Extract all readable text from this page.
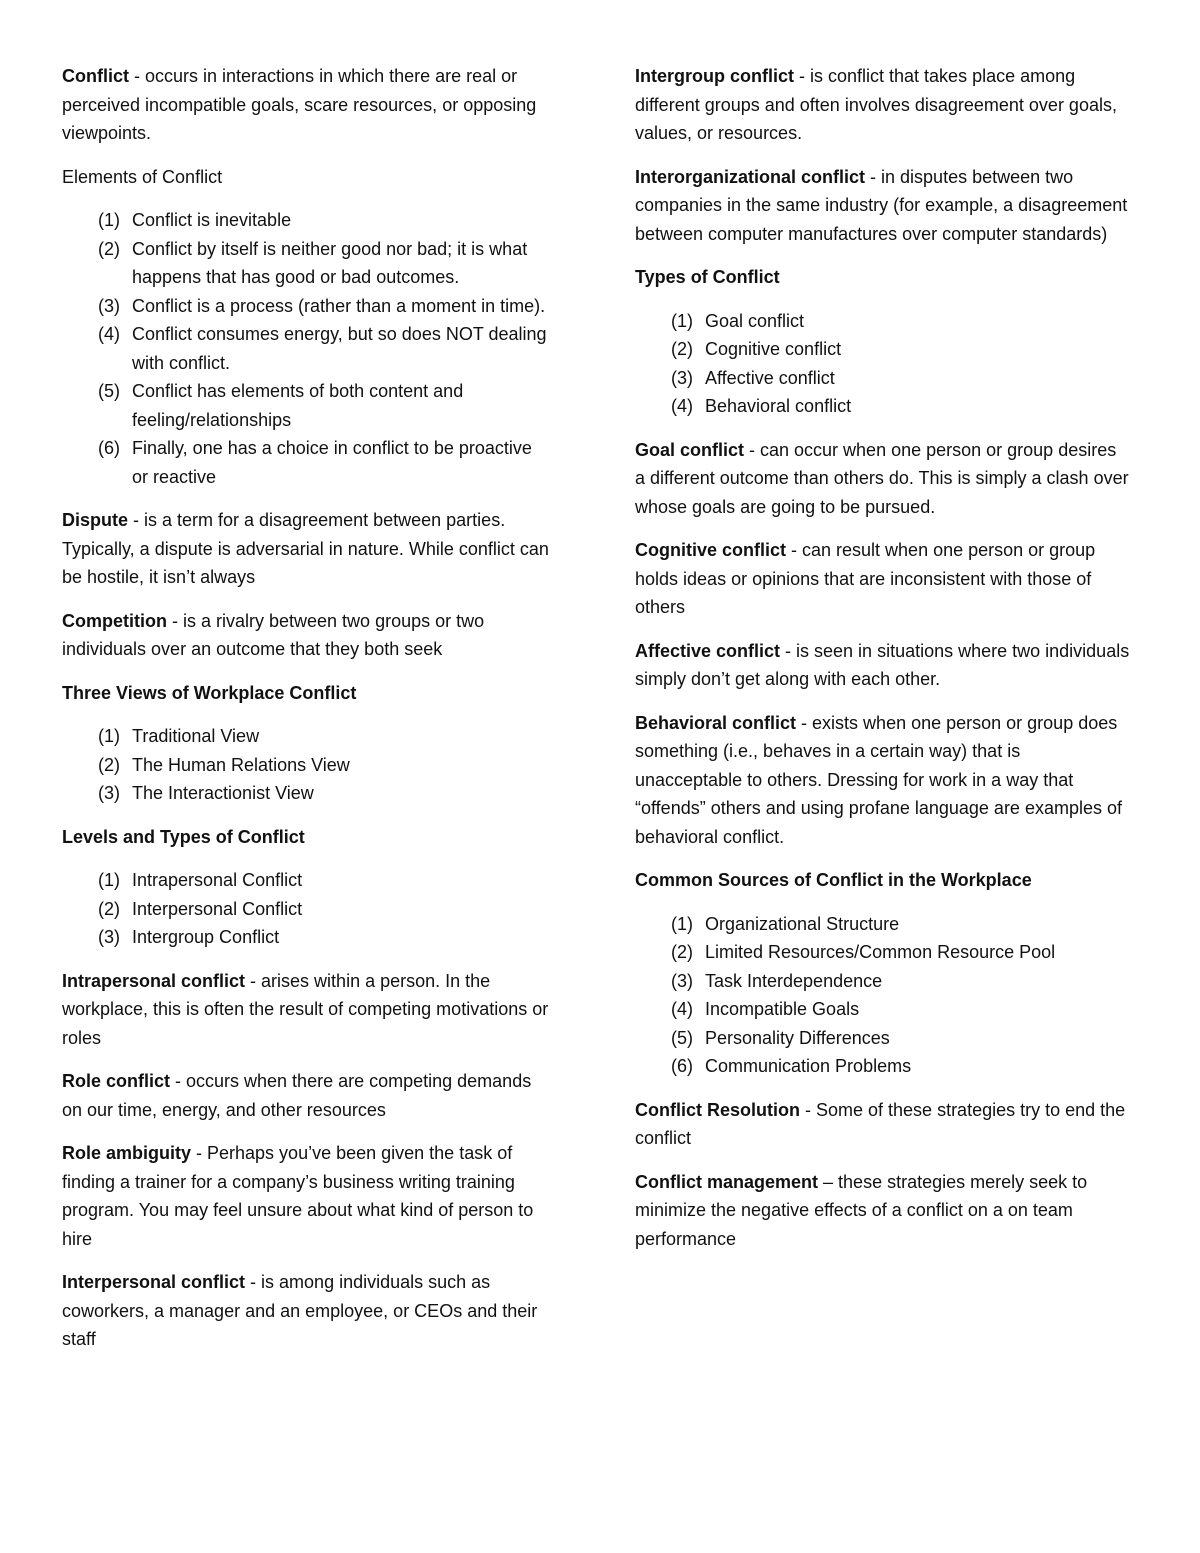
Conflict - occurs in interactions in which there are real or perceived incompatible goals, scare resources, or opposing viewpoints.

Elements of Conflict
(1) Conflict is inevitable
(2) Conflict by itself is neither good nor bad; it is what happens that has good or bad outcomes.
(3) Conflict is a process (rather than a moment in time).
(4) Conflict consumes energy, but so does NOT dealing with conflict.
(5) Conflict has elements of both content and feeling/relationships
(6) Finally, one has a choice in conflict to be proactive or reactive

Dispute - is a term for a disagreement between parties. Typically, a dispute is adversarial in nature. While conflict can be hostile, it isn’t always

Competition - is a rivalry between two groups or two individuals over an outcome that they both seek

Three Views of Workplace Conflict
(1) Traditional View
(2) The Human Relations View
(3) The Interactionist View
Levels and Types of Conflict
(1) Intrapersonal Conflict
(2) Interpersonal Conflict
(3) Intergroup Conflict

Intrapersonal conflict - arises within a person. In the workplace, this is often the result of competing motivations or roles

Role conflict - occurs when there are competing demands on our time, energy, and other resources

Role ambiguity - Perhaps you’ve been given the task of finding a trainer for a company’s business writing training program. You may feel unsure about what kind of person to hire

Interpersonal conflict - is among individuals such as coworkers, a manager and an employee, or CEOs and their staff

Intergroup conflict - is conflict that takes place among different groups and often involves disagreement over goals, values, or resources.

Interorganizational conflict - in disputes between two companies in the same industry (for example, a disagreement between computer manufactures over computer standards)

Types of Conflict
(1) Goal conflict
(2) Cognitive conflict
(3) Affective conflict
(4) Behavioral conflict

Goal conflict - can occur when one person or group desires a different outcome than others do. This is simply a clash over whose goals are going to be pursued.

Cognitive conflict - can result when one person or group holds ideas or opinions that are inconsistent with those of others

Affective conflict - is seen in situations where two individuals simply don’t get along with each other.

Behavioral conflict - exists when one person or group does something (i.e., behaves in a certain way) that is unacceptable to others. Dressing for work in a way that “offends” others and using profane language are examples of behavioral conflict.

Common Sources of Conflict in the Workplace
(1) Organizational Structure
(2) Limited Resources/Common Resource Pool
(3) Task Interdependence
(4) Incompatible Goals
(5) Personality Differences
(6) Communication Problems

Conflict Resolution - Some of these strategies try to end the conflict

Conflict management – these strategies merely seek to minimize the negative effects of a conflict on a on team performance
